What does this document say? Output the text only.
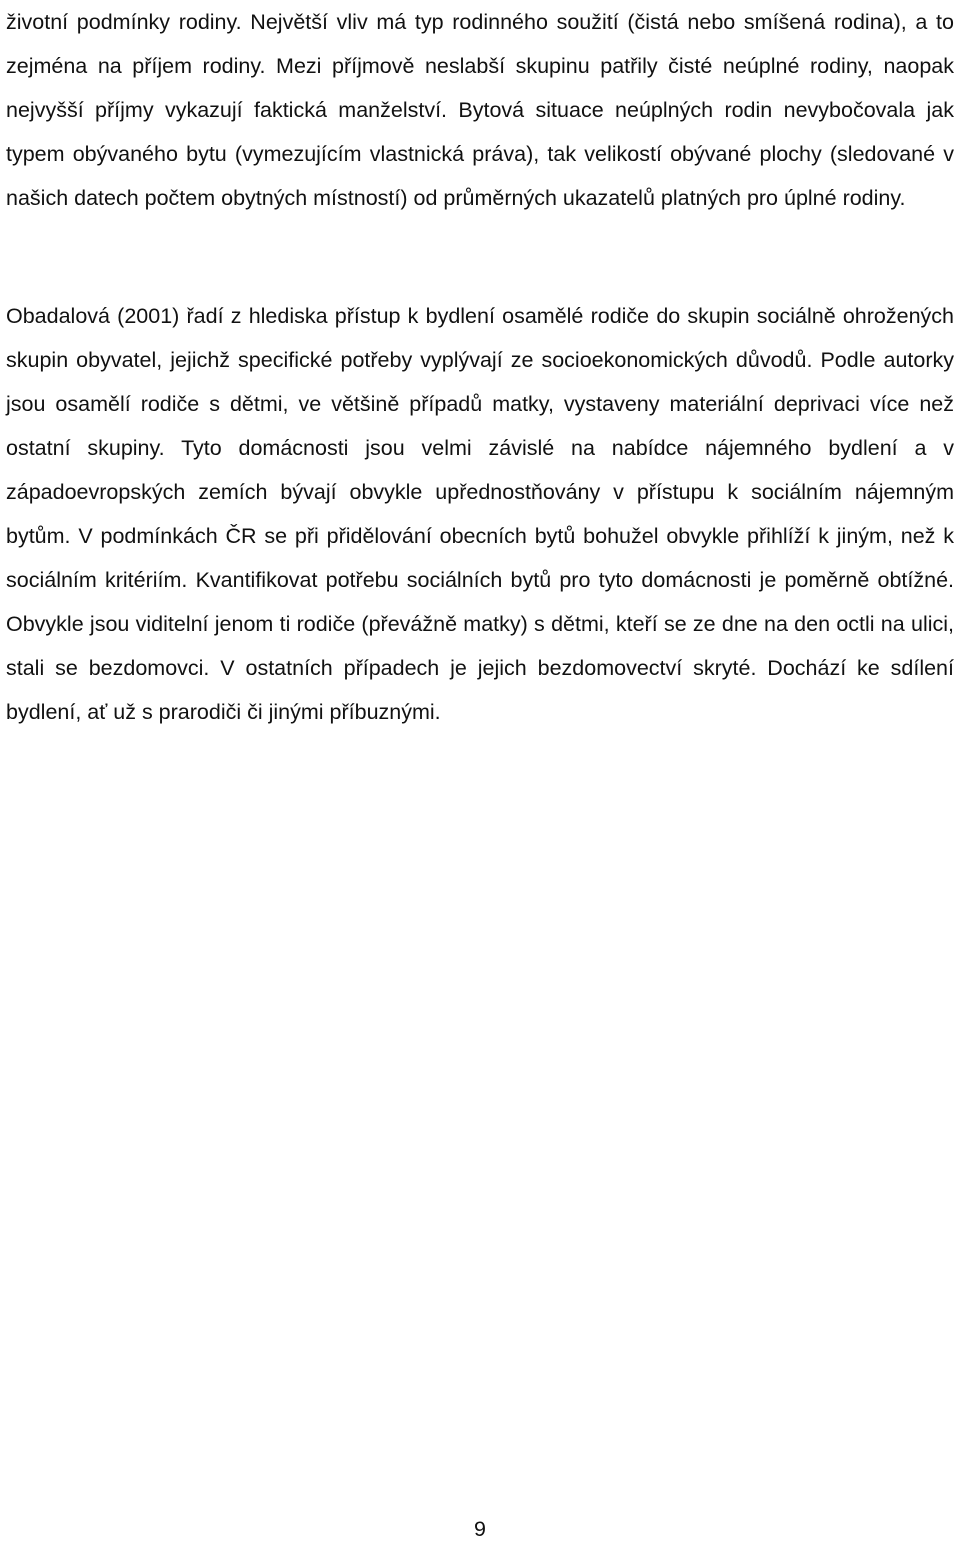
životní podmínky rodiny. Největší vliv má typ rodinného soužití (čistá nebo smíšená rodina), a to zejména na příjem rodiny. Mezi příjmově neslabší skupinu patřily čisté neúplné rodiny, naopak nejvyšší příjmy vykazují faktická manželství. Bytová situace neúplných rodin nevybočovala jak typem obývaného bytu (vymezujícím vlastnická práva), tak velikostí obývané plochy (sledované v našich datech počtem obytných místností) od průměrných ukazatelů platných pro úplné rodiny.

Obadalová (2001) řadí z hlediska přístup k bydlení osamělé rodiče do skupin sociálně ohrožených skupin obyvatel, jejichž specifické potřeby vyplývají ze socioekonomických důvodů. Podle autorky jsou osamělí rodiče s dětmi, ve většině případů matky, vystaveny materiální deprivaci více než ostatní skupiny. Tyto domácnosti jsou velmi závislé na nabídce nájemného bydlení a v západoevropských zemích bývají obvykle upřednostňovány v přístupu k sociálním nájemným bytům. V podmínkách ČR se při přidělování obecních bytů bohužel obvykle přihlíží k jiným, než k sociálním kritériím. Kvantifikovat potřebu sociálních bytů pro tyto domácnosti je poměrně obtížné. Obvykle jsou viditelní jenom ti rodiče (převážně matky) s dětmi, kteří se ze dne na den octli na ulici, stali se bezdomovci. V ostatních případech je jejich bezdomovectví skryté. Dochází ke sdílení bydlení, ať už s prarodiči či jinými příbuznými.

9
